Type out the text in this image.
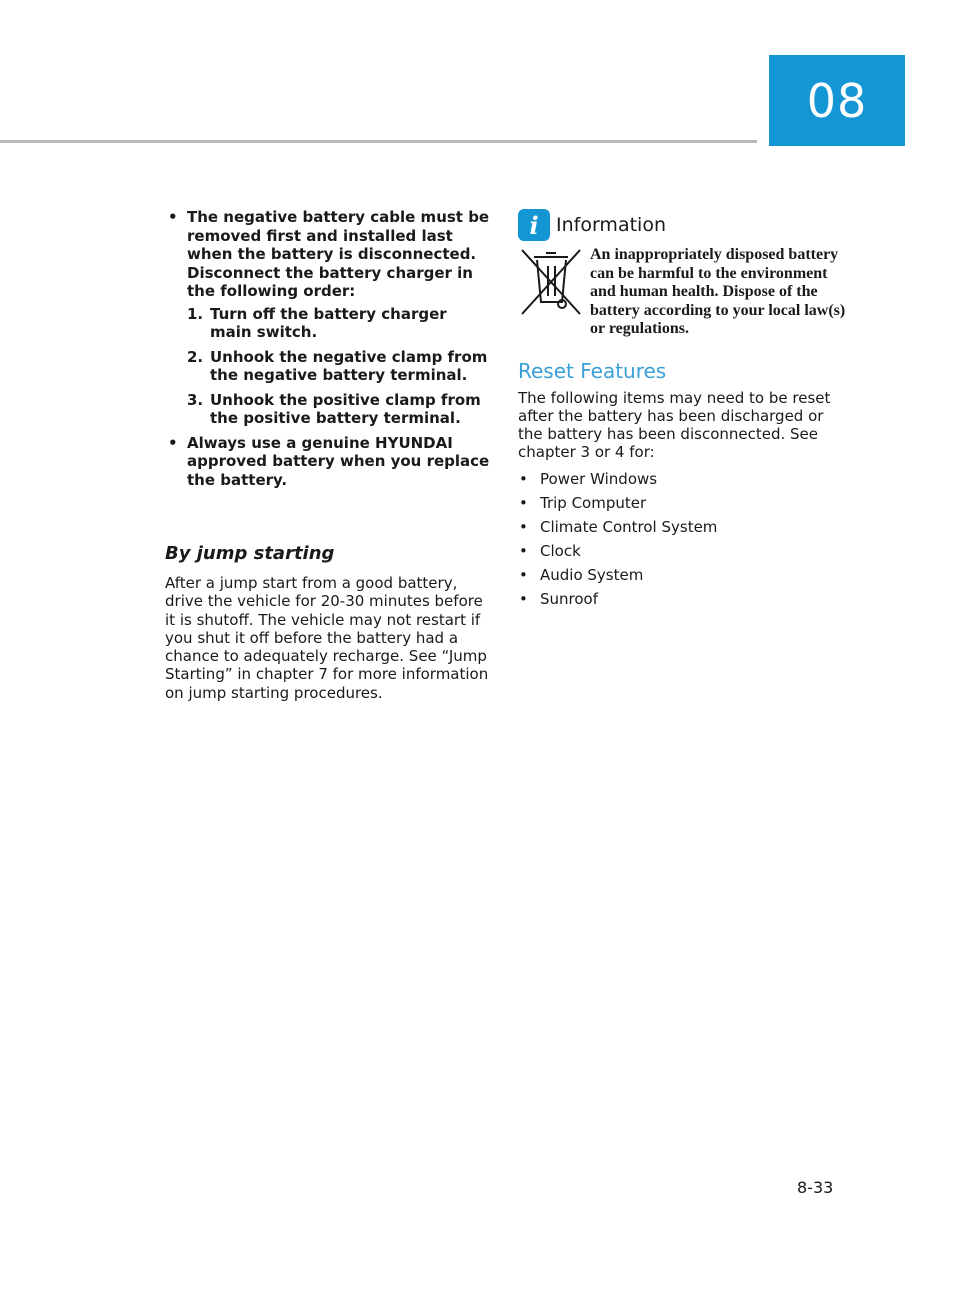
08
• The negative battery cable must be removed first and installed last when the battery is disconnected. Disconnect the battery charger in the following order:
1. Turn off the battery charger main switch.
2. Unhook the negative clamp from the negative battery terminal.
3. Unhook the positive clamp from the positive battery terminal.
• Always use a genuine HYUNDAI approved battery when you replace the battery.
By jump starting

After a jump start from a good battery, drive the vehicle for 20-30 minutes before it is shutoff. The vehicle may not restart if you shut it off before the battery had a chance to adequately recharge. See “Jump Starting” in chapter 7 for more information on jump starting procedures.

i Information
An inappropriately disposed battery can be harmful to the environment and human health. Dispose of the battery according to your local law(s) or regulations.
Reset Features

The following items may need to be reset after the battery has been discharged or the battery has been disconnected. See chapter 3 or 4 for:

• Power Windows
• Trip Computer
• Climate Control System
• Clock
• Audio System
• Sunroof
8-33
